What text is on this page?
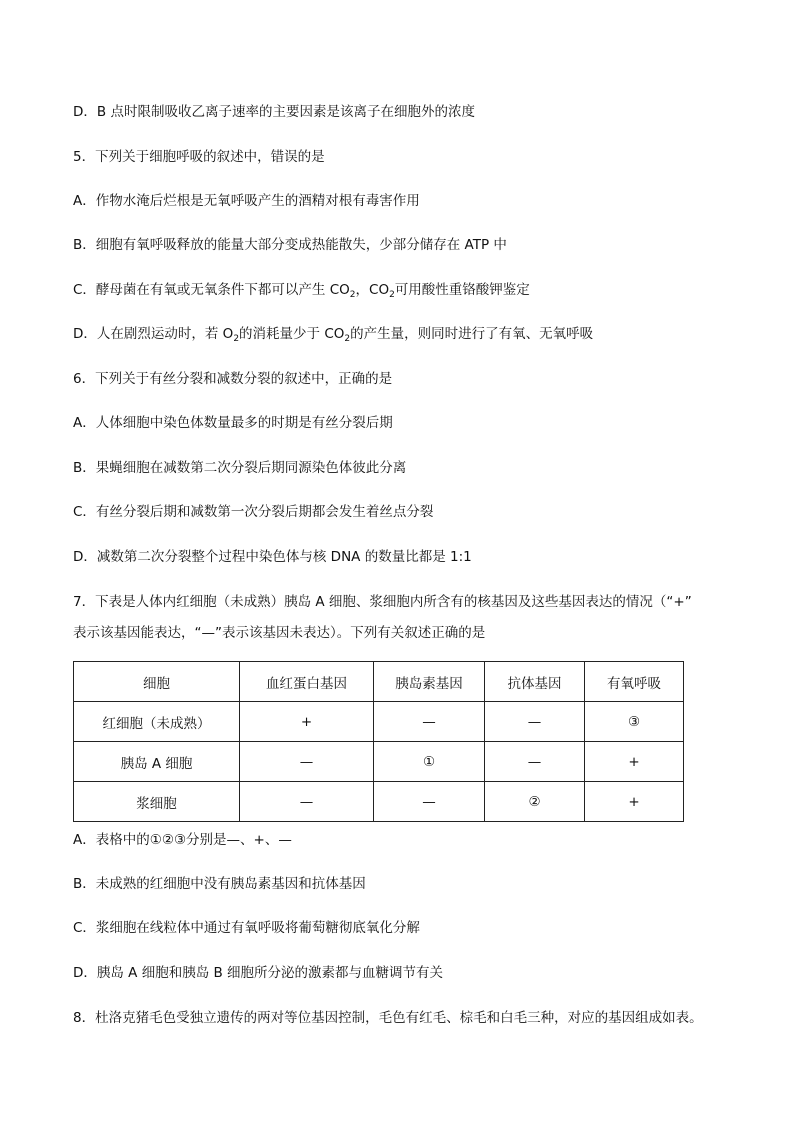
D．B 点时限制吸收乙离子速率的主要因素是该离子在细胞外的浓度
5．下列关于细胞呼吸的叙述中，错误的是
A．作物水淹后烂根是无氧呼吸产生的酒精对根有毒害作用
B．细胞有氧呼吸释放的能量大部分变成热能散失，少部分储存在 ATP 中
C．酵母菌在有氧或无氧条件下都可以产生 $CO_2$，$CO_2$可用酸性重铬酸钾鉴定
D．人在剧烈运动时，若 $O_2$的消耗量少于 $CO_2$的产生量，则同时进行了有氧、无氧呼吸
6．下列关于有丝分裂和减数分裂的叙述中，正确的是
A．人体细胞中染色体数量最多的时期是有丝分裂后期
B．果蝇细胞在减数第二次分裂后期同源染色体彼此分离
C．有丝分裂后期和减数第一次分裂后期都会发生着丝点分裂
D．减数第二次分裂整个过程中染色体与核 DNA 的数量比都是 1:1
7．下表是人体内红细胞（未成熟）胰岛 A 细胞、浆细胞内所含有的核基因及这些基因表达的情况（“+”
表示该基因能表达，“—”表示该基因未表达）。下列有关叙述正确的是
细胞	血红蛋白基因	胰岛素基因	抗体基因	有氧呼吸
红细胞（未成熟）	+	—	—	③
胰岛 A 细胞	—	①	—	+
浆细胞	—	—	②	+
A．表格中的①②③分别是—、+、—
B．未成熟的红细胞中没有胰岛素基因和抗体基因
C．浆细胞在线粒体中通过有氧呼吸将葡萄糖彻底氧化分解
D．胰岛 A 细胞和胰岛 B 细胞所分泌的激素都与血糖调节有关
8．杜洛克猪毛色受独立遗传的两对等位基因控制，毛色有红毛、棕毛和白毛三种，对应的基因组成如表。
